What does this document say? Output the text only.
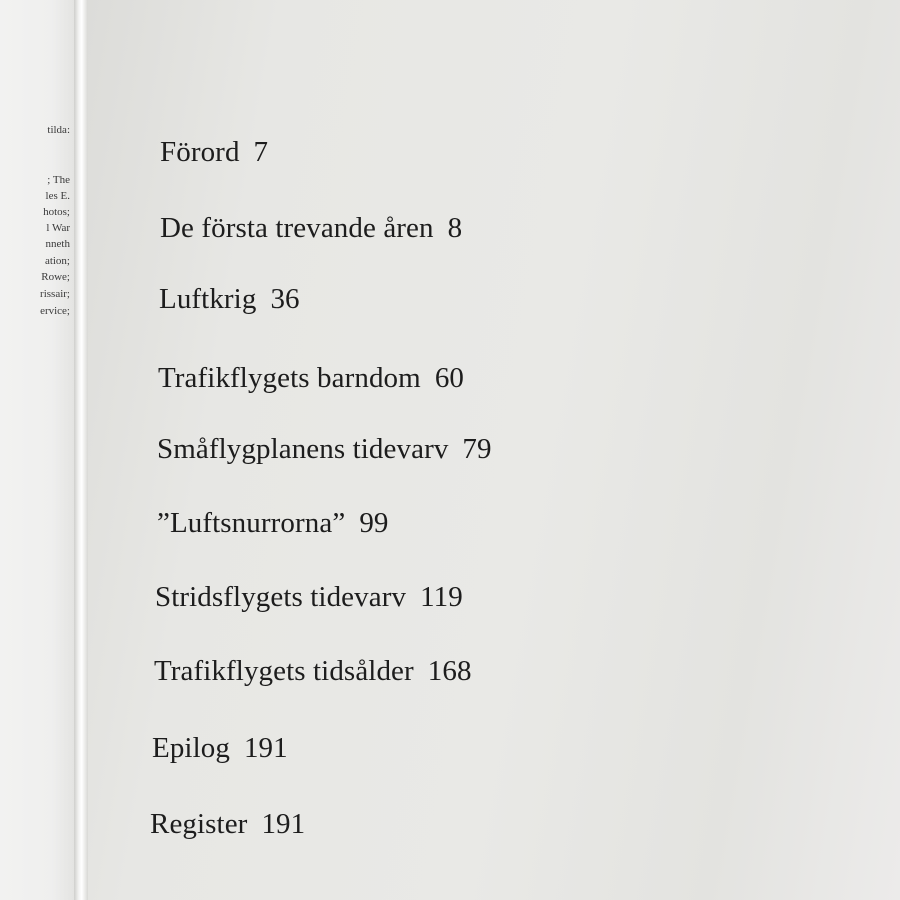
tilda:
; The
les E.
hotos;
l War
nneth
ation;
Rowe;
rissair;
ervice;
Förord 7
De första trevande åren 8
Luftkrig 36
Trafikflygets barndom 60
Småflygplanens tidevarv 79
”Luftsnurrorna” 99
Stridsflygets tidevarv 119
Trafikflygets tidsålder 168
Epilog 191
Register 191
